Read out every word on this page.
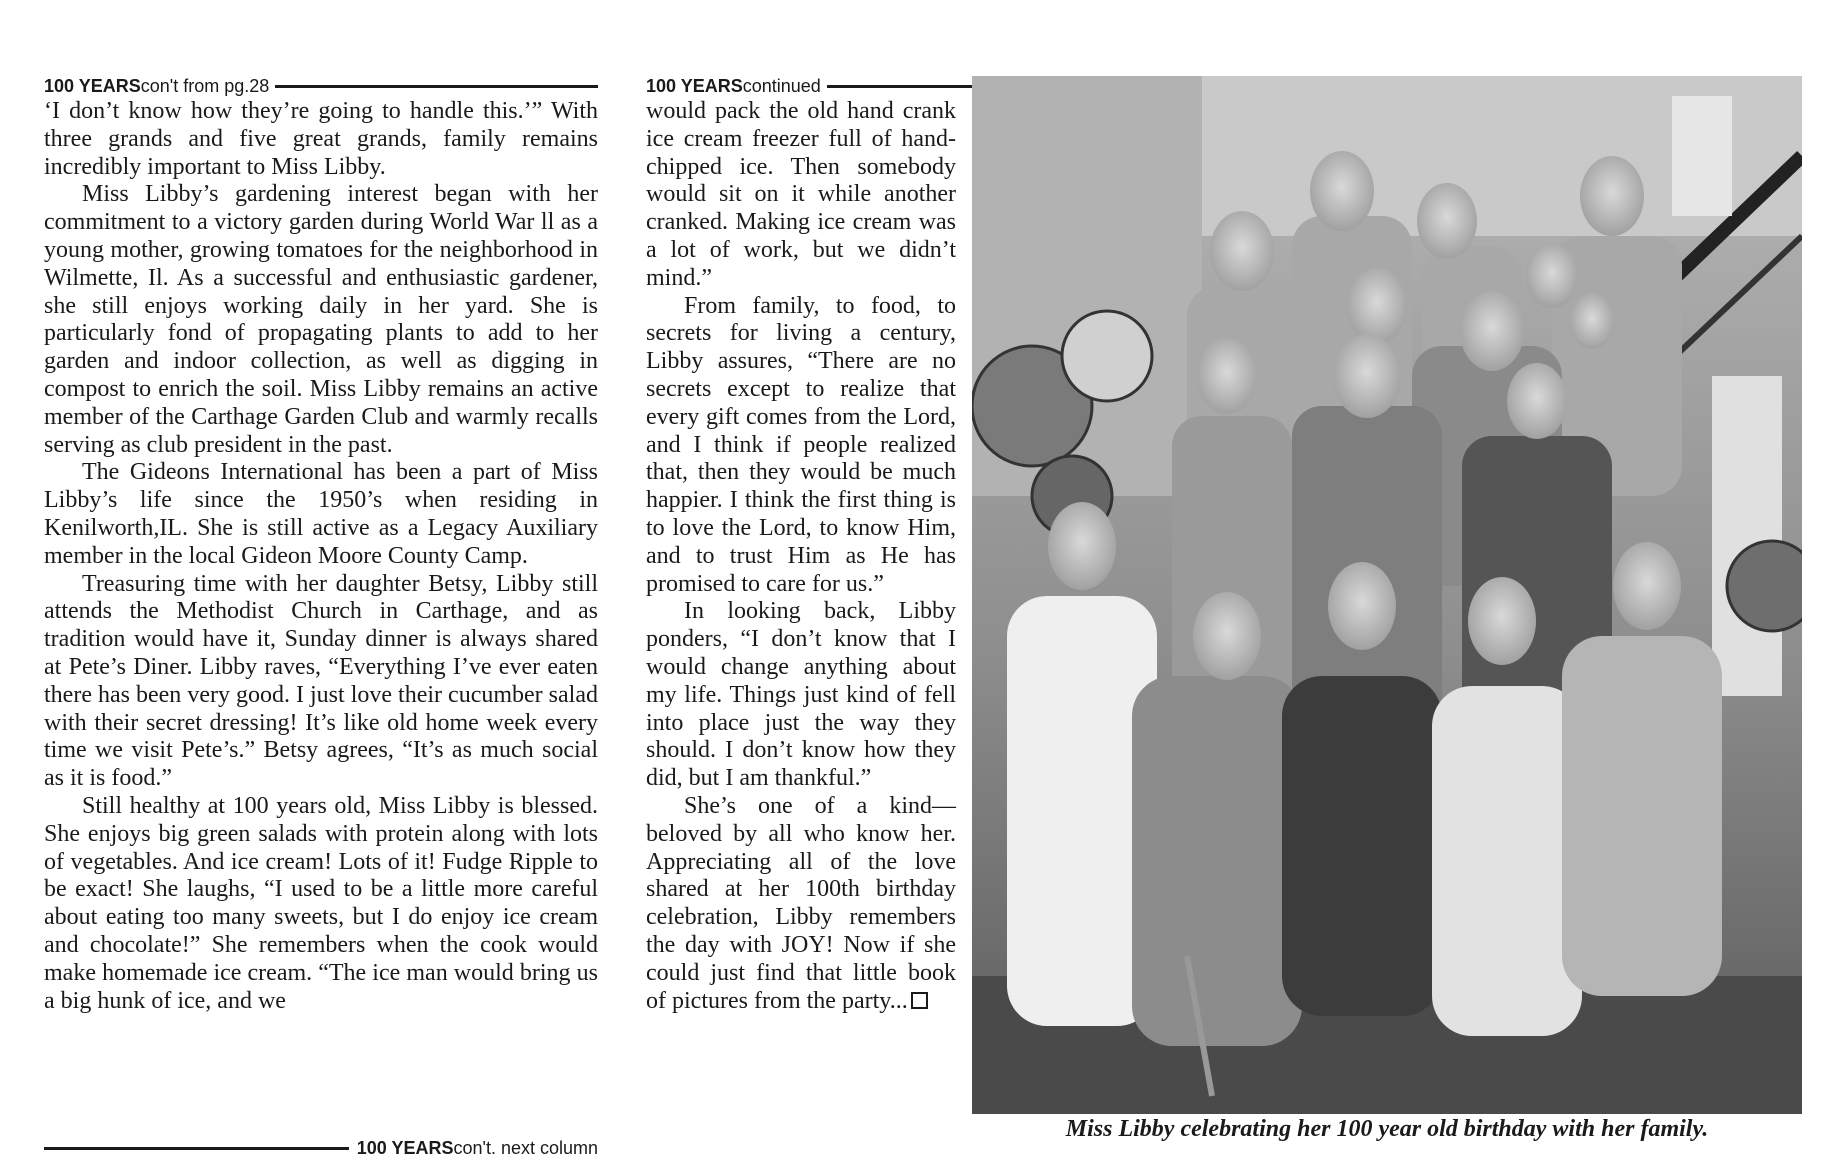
100 YEARS con't from pg.28

‘I don’t know how they’re going to handle this.’” With three grands and five great grands, family remains incredibly important to Miss Libby.

Miss Libby’s gardening interest began with her commitment to a victory garden during World War ll as a young mother, growing tomatoes for the neighborhood in Wilmette, Il. As a successful and enthusiastic gardener, she still enjoys working daily in her yard. She is particularly fond of propagating plants to add to her garden and indoor collection, as well as digging in compost to enrich the soil. Miss Libby remains an active member of the Carthage Garden Club and warmly recalls serving as club president in the past.

The Gideons International has been a part of Miss Libby’s life since the 1950’s when residing in Kenilworth,IL. She is still active as a Legacy Auxiliary member in the local Gideon Moore County Camp.

Treasuring time with her daughter Betsy, Libby still attends the Methodist Church in Carthage, and as tradition would have it, Sunday dinner is always shared at Pete’s Diner. Libby raves, “Everything I’ve ever eaten there has been very good. I just love their cucumber salad with their secret dressing! It’s like old home week every time we visit Pete’s.” Betsy agrees, “It’s as much social as it is food.”

Still healthy at 100 years old, Miss Libby is blessed. She enjoys big green salads with protein along with lots of vegetables. And ice cream! Lots of it! Fudge Ripple to be exact! She laughs, “I used to be a little more careful about eating too many sweets, but I do enjoy ice cream and chocolate!” She remembers when the cook would make homemade ice cream. “The ice man would bring us a big hunk of ice, and we

100 YEARS con't. next column
100 YEARS continued

would pack the old hand crank ice cream freezer full of hand-chipped ice. Then somebody would sit on it while another cranked. Making ice cream was a lot of work, but we didn’t mind.”

From family, to food, to secrets for living a century, Libby assures, “There are no secrets except to realize that every gift comes from the Lord, and I think if people realized that, then they would be much happier. I think the first thing is to love the Lord, to know Him, and to trust Him as He has promised to care for us.”

In looking back, Libby ponders, “I don’t know that I would change anything about my life. Things just kind of fell into place just the way they should. I don’t know how they did, but I am thankful.”

She’s one of a kind—beloved by all who know her. Appreciating all of the love shared at her 100th birthday celebration, Libby remembers the day with JOY! Now if she could just find that little book of pictures from the party...

Miss Libby celebrating her 100 year old birthday with her family.
